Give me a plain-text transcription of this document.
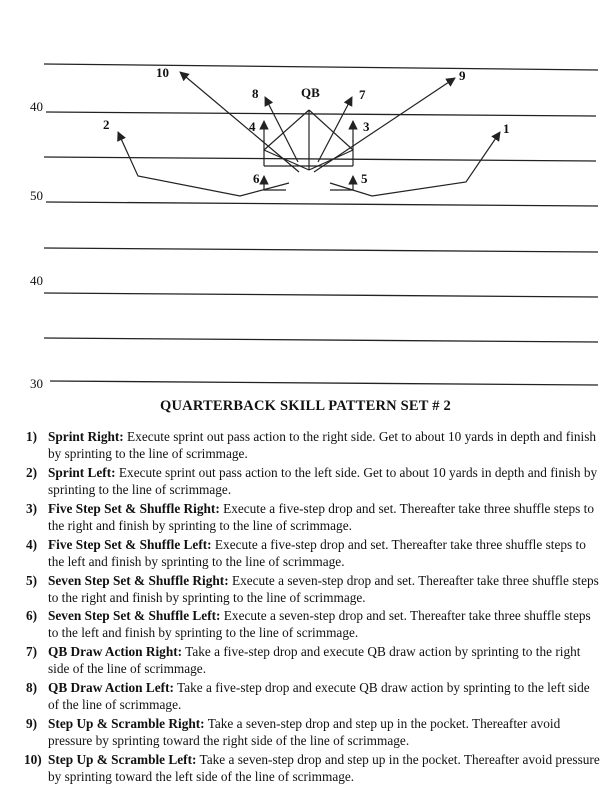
40
50
40
30
QB
1
2	3
4
5
6
7
8
9
10
QUARTERBACK SKILL PATTERN SET # 2
1) Sprint Right: Execute sprint out pass action to the right side. Get to about 10 yards in depth and finish by sprinting to the line of scrimmage.
2) Sprint Left: Execute sprint out pass action to the left side. Get to about 10 yards in depth and finish by sprinting to the line of scrimmage.
3) Five Step Set & Shuffle Right: Execute a five-step drop and set. Thereafter take three shuffle steps to the right and finish by sprinting to the line of scrimmage.
4) Five Step Set & Shuffle Left: Execute a five-step drop and set. Thereafter take three shuffle steps to the left and finish by sprinting to the line of scrimmage.
5) Seven Step Set & Shuffle Right: Execute a seven-step drop and set. Thereafter take three shuffle steps to the right and finish by sprinting to the line of scrimmage.
6) Seven Step Set & Shuffle Left: Execute a seven-step drop and set. Thereafter take three shuffle steps to the left and finish by sprinting to the line of scrimmage.
7) QB Draw Action Right: Take a five-step drop and execute QB draw action by sprinting to the right side of the line of scrimmage.
8) QB Draw Action Left: Take a five-step drop and execute QB draw action by sprinting to the left side of the line of scrimmage.
9) Step Up & Scramble Right: Take a seven-step drop and step up in the pocket. Thereafter avoid pressure by sprinting toward the right side of the line of scrimmage.
10) Step Up & Scramble Left: Take a seven-step drop and step up in the pocket. Thereafter avoid pressure by sprinting toward the left side of the line of scrimmage.
